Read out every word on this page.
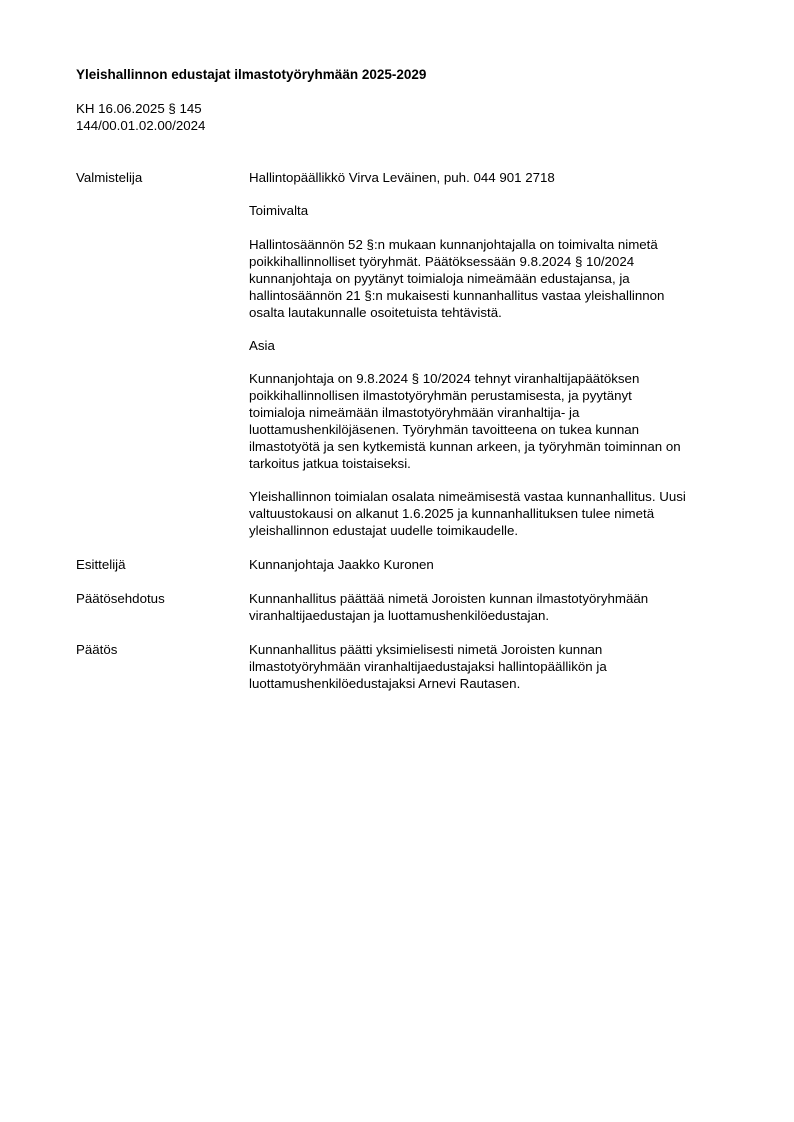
Yleishallinnon edustajat ilmastotyöryhmään 2025-2029
KH 16.06.2025 § 145
144/00.01.02.00/2024
Valmistelija	Hallintopäällikkö Virva Leväinen, puh. 044 901 2718

Toimivalta
Hallintosäännön 52 §:n mukaan kunnanjohtajalla on toimivalta nimetä
poikkihallinnolliset työryhmät. Päätöksessään 9.8.2024 § 10/2024
kunnanjohtaja on pyytänyt toimialoja nimeämään edustajansa, ja
hallintosäännön 21 §:n mukaisesti kunnanhallitus vastaa yleishallinnon
osalta lautakunnalle osoitetuista tehtävistä.
Asia
Kunnanjohtaja on 9.8.2024 § 10/2024 tehnyt viranhaltijapäätöksen
poikkihallinnollisen ilmastotyöryhmän perustamisesta, ja pyytänyt
toimialoja nimeämään ilmastotyöryhmään viranhaltija- ja
luottamushenkilöjäsenen. Työryhmän tavoitteena on tukea kunnan
ilmastotyötä ja sen kytkemistä kunnan arkeen, ja työryhmän toiminnan on
tarkoitus jatkua toistaiseksi.
Yleishallinnon toimialan osalata nimeämisestä vastaa kunnanhallitus. Uusi
valtuustokausi on alkanut 1.6.2025 ja kunnanhallituksen tulee nimetä
yleishallinnon edustajat uudelle toimikaudelle.
Esittelijä	Kunnanjohtaja Jaakko Kuronen
Päätösehdotus	Kunnanhallitus päättää nimetä Joroisten kunnan ilmastotyöryhmään
viranhaltijaedustajan ja luottamushenkilöedustajan.
Päätös	Kunnanhallitus päätti yksimielisesti nimetä Joroisten kunnan
ilmastotyöryhmään viranhaltijaedustajaksi hallintopäällikön ja
luottamushenkilöedustajaksi Arnevi Rautasen.
